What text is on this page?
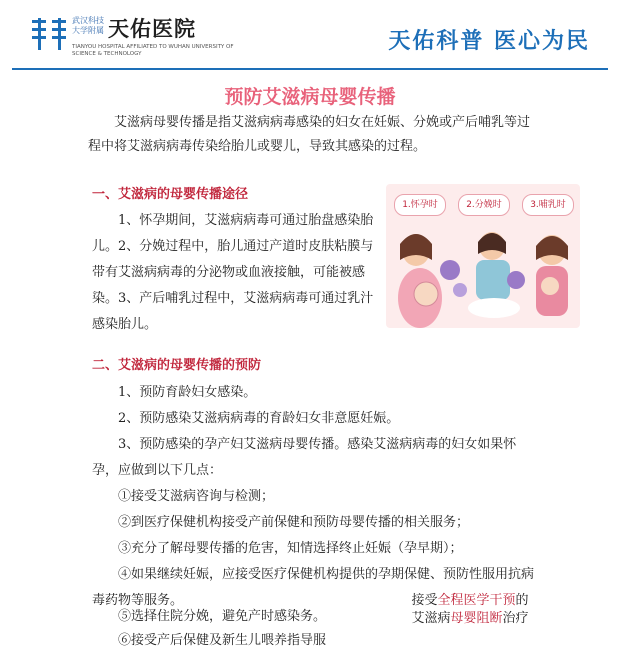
武汉科技 大学附属 天佑医院
TIANYOU HOSPITAL AFFILIATED TO WUHAN UNIVERSITY OF SCIENCE & TECHNOLOGY	天佑科普 医心为民
预防艾滋病母婴传播

艾滋病母婴传播是指艾滋病病毒感染的妇女在妊娠、分娩或产后哺乳等过程中将艾滋病病毒传染给胎儿或婴儿，导致其感染的过程。

一、艾滋病的母婴传播途径

1、怀孕期间，艾滋病病毒可通过胎盘感染胎儿。 2、分娩过程中，胎儿通过产道时皮肤粘膜与带有艾滋病病毒的分泌物或血液接触，可能被感染。 3、产后哺乳过程中，艾滋病病毒可通过乳汁感染胎儿。

1.怀孕时	2.分娩时	3.哺乳时

二、艾滋病的母婴传播的预防

1、预防育龄妇女感染。

2、预防感染艾滋病病毒的育龄妇女非意愿妊娠。

3、预防感染的孕产妇艾滋病母婴传播。感染艾滋病病毒的妇女如果怀孕，应做到以下几点：

①接受艾滋病咨询与检测；

②到医疗保健机构接受产前保健和预防母婴传播的相关服务；

③充分了解母婴传播的危害，知情选择终止妊娠（孕早期）；

④如果继续妊娠，应接受医疗保健机构提供的孕期保健、预防性服用抗病毒药物等服务。

⑤选择住院分娩，避免产时感染务。

⑥接受产后保健及新生儿喂养指导服

接受全程医学干预的
艾滋病母婴阻断治疗
